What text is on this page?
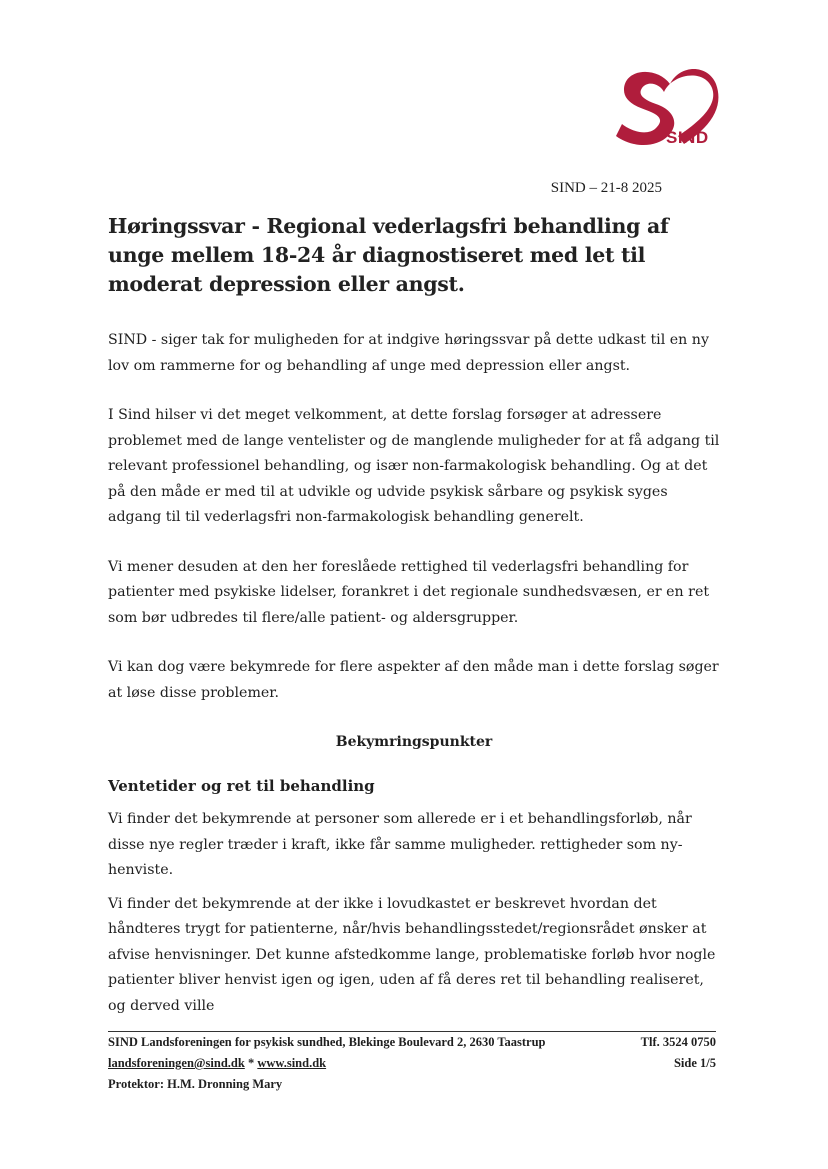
SIND
SIND – 21-8 2025
Høringssvar - Regional vederlagsfri behandling af unge mellem 18-24 år diagnostiseret med let til moderat depression eller angst.

SIND - siger tak for muligheden for at indgive høringssvar på dette udkast til en ny lov om rammerne for og behandling af unge med depression eller angst.

I Sind hilser vi det meget velkomment, at dette forslag forsøger at adressere problemet med de lange ventelister og de manglende muligheder for at få adgang til relevant professionel behandling, og især non-farmakologisk behandling. Og at det på den måde er med til at udvikle og udvide psykisk sårbare og psykisk syges adgang til til vederlagsfri non-farmakologisk behandling generelt.

Vi mener desuden at den her foreslåede rettighed til vederlagsfri behandling for patienter med psykiske lidelser, forankret i det regionale sundhedsvæsen, er en ret som bør udbredes til flere/alle patient- og aldersgrupper.

Vi kan dog være bekymrede for flere aspekter af den måde man i dette forslag søger at løse disse problemer.

Bekymringspunkter

Ventetider og ret til behandling

Vi finder det bekymrende at personer som allerede er i et behandlingsforløb, når disse nye regler træder i kraft, ikke får samme muligheder. rettigheder som ny-henviste.

Vi finder det bekymrende at der ikke i lovudkastet er beskrevet hvordan det håndteres trygt for patienterne, når/hvis behandlingsstedet/regionsrådet ønsker at afvise henvisninger. Det kunne afstedkomme lange, problematiske forløb hvor nogle patienter bliver henvist igen og igen, uden af få deres ret til behandling realiseret, og derved ville

SIND Landsforeningen for psykisk sundhed, Blekinge Boulevard 2, 2630 Taastrup	Tlf. 3524 0750
landsforeningen@sind.dk * www.sind.dk	Side 1/5
Protektor: H.M. Dronning Mary
